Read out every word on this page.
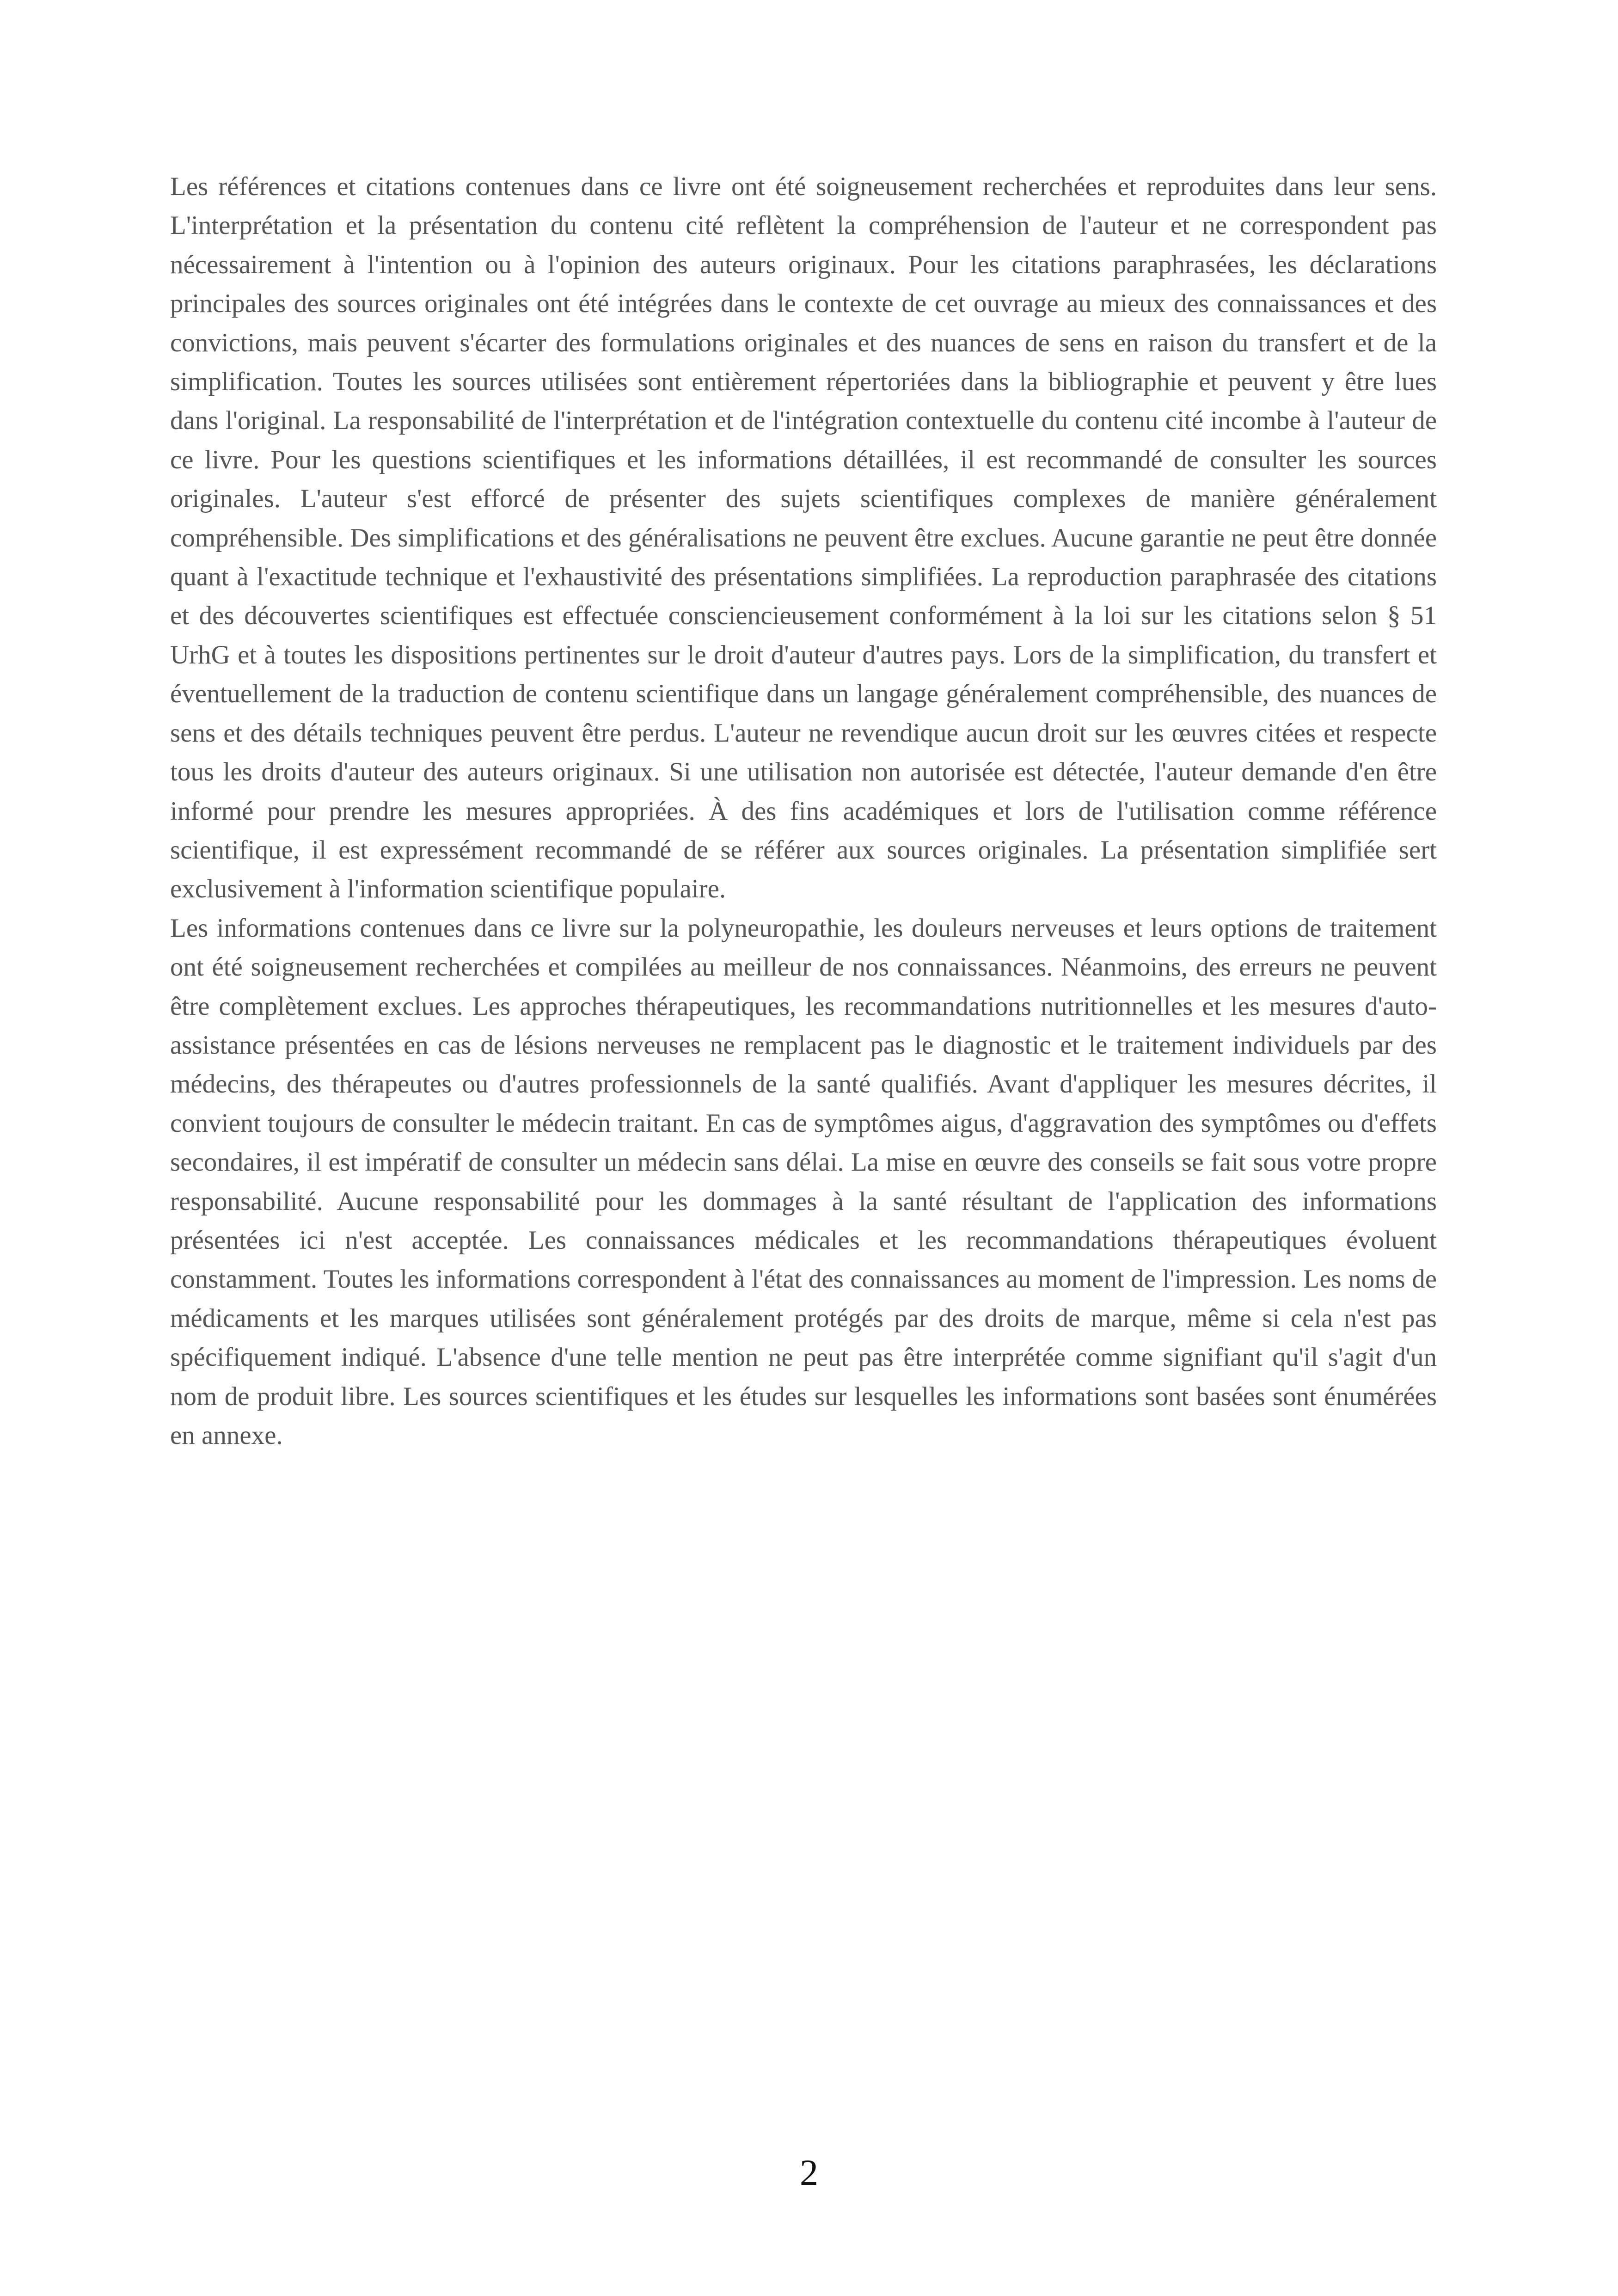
Les références et citations contenues dans ce livre ont été soigneusement recherchées et reproduites dans leur sens. L'interprétation et la présentation du contenu cité reflètent la compréhension de l'auteur et ne correspondent pas nécessairement à l'intention ou à l'opinion des auteurs originaux. Pour les citations paraphrasées, les déclarations principales des sources originales ont été intégrées dans le contexte de cet ouvrage au mieux des connaissances et des convictions, mais peuvent s'écarter des formulations originales et des nuances de sens en raison du transfert et de la simplification. Toutes les sources utilisées sont entièrement répertoriées dans la bibliographie et peuvent y être lues dans l'original. La responsabilité de l'interprétation et de l'intégration contextuelle du contenu cité incombe à l'auteur de ce livre. Pour les questions scientifiques et les informations détaillées, il est recommandé de consulter les sources originales. L'auteur s'est efforcé de présenter des sujets scientifiques complexes de manière généralement compréhensible. Des simplifications et des généralisations ne peuvent être exclues. Aucune garantie ne peut être donnée quant à l'exactitude technique et l'exhaustivité des présentations simplifiées. La reproduction paraphrasée des citations et des découvertes scientifiques est effectuée consciencieusement conformément à la loi sur les citations selon § 51 UrhG et à toutes les dispositions pertinentes sur le droit d'auteur d'autres pays. Lors de la simplification, du transfert et éventuellement de la traduction de contenu scientifique dans un langage généralement compréhensible, des nuances de sens et des détails techniques peuvent être perdus. L'auteur ne revendique aucun droit sur les œuvres citées et respecte tous les droits d'auteur des auteurs originaux. Si une utilisation non autorisée est détectée, l'auteur demande d'en être informé pour prendre les mesures appropriées. À des fins académiques et lors de l'utilisation comme référence scientifique, il est expressément recommandé de se référer aux sources originales. La présentation simplifiée sert exclusivement à l'information scientifique populaire.

Les informations contenues dans ce livre sur la polyneuropathie, les douleurs nerveuses et leurs options de traitement ont été soigneusement recherchées et compilées au meilleur de nos connaissances. Néanmoins, des erreurs ne peuvent être complètement exclues. Les approches thérapeutiques, les recommandations nutritionnelles et les mesures d'auto-assistance présentées en cas de lésions nerveuses ne remplacent pas le diagnostic et le traitement individuels par des médecins, des thérapeutes ou d'autres professionnels de la santé qualifiés. Avant d'appliquer les mesures décrites, il convient toujours de consulter le médecin traitant. En cas de symptômes aigus, d'aggravation des symptômes ou d'effets secondaires, il est impératif de consulter un médecin sans délai. La mise en œuvre des conseils se fait sous votre propre responsabilité. Aucune responsabilité pour les dommages à la santé résultant de l'application des informations présentées ici n'est acceptée. Les connaissances médicales et les recommandations thérapeutiques évoluent constamment. Toutes les informations correspondent à l'état des connaissances au moment de l'impression. Les noms de médicaments et les marques utilisées sont généralement protégés par des droits de marque, même si cela n'est pas spécifiquement indiqué. L'absence d'une telle mention ne peut pas être interprétée comme signifiant qu'il s'agit d'un nom de produit libre. Les sources scientifiques et les études sur lesquelles les informations sont basées sont énumérées en annexe.

2
